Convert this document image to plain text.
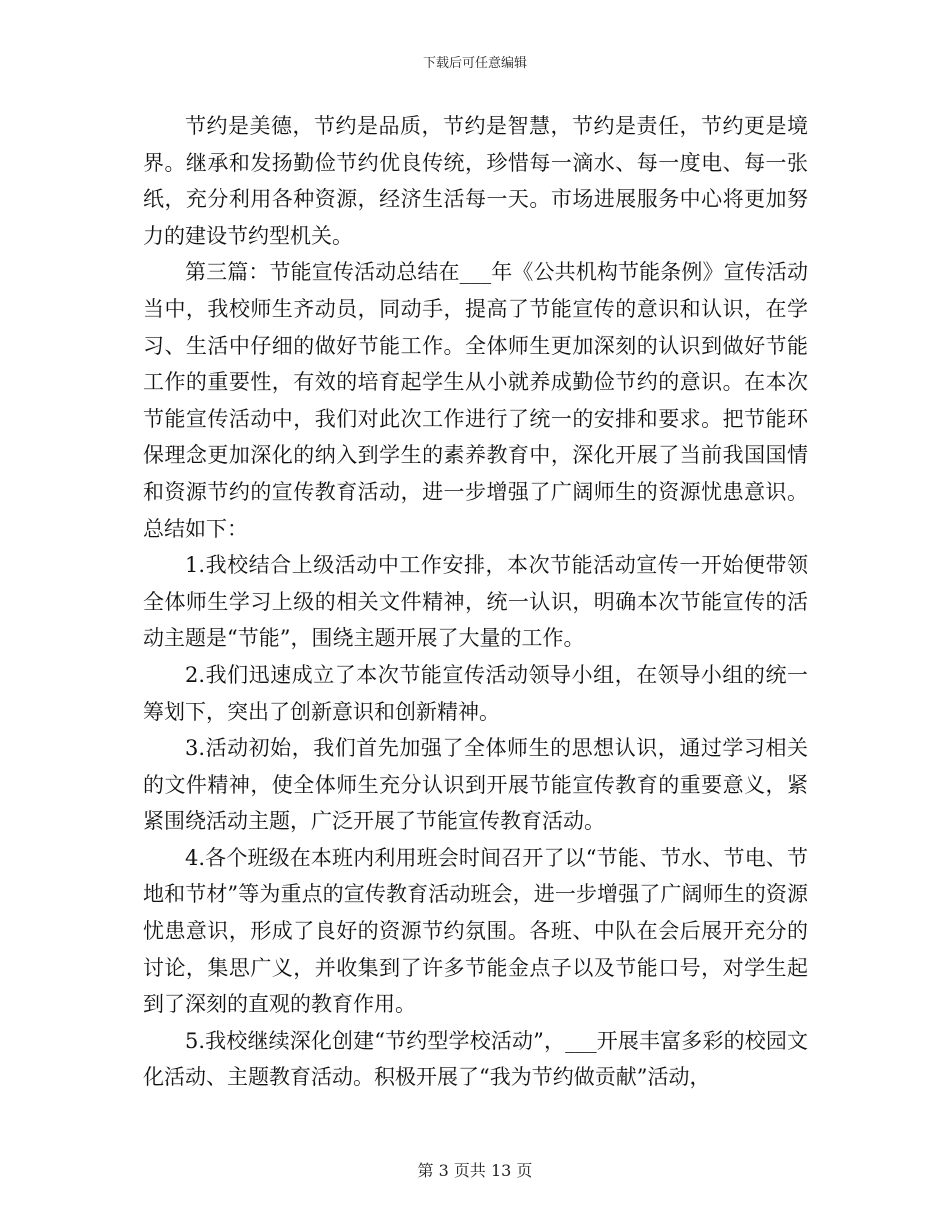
下载后可任意编辑

节约是美德，节约是品质，节约是智慧，节约是责任，节约更是境界。继承和发扬勤俭节约优良传统，珍惜每一滴水、每一度电、每一张纸，充分利用各种资源，经济生活每一天。市场进展服务中心将更加努力的建设节约型机关。

第三篇：节能宣传活动总结在___年《公共机构节能条例》宣传活动当中，我校师生齐动员，同动手，提高了节能宣传的意识和认识，在学习、生活中仔细的做好节能工作。全体师生更加深刻的认识到做好节能工作的重要性，有效的培育起学生从小就养成勤俭节约的意识。在本次节能宣传活动中，我们对此次工作进行了统一的安排和要求。把节能环保理念更加深化的纳入到学生的素养教育中，深化开展了当前我国国情和资源节约的宣传教育活动，进一步增强了广阔师生的资源忧患意识。总结如下：

1.我校结合上级活动中工作安排，本次节能活动宣传一开始便带领全体师生学习上级的相关文件精神，统一认识，明确本次节能宣传的活动主题是“节能”，围绕主题开展了大量的工作。

2.我们迅速成立了本次节能宣传活动领导小组，在领导小组的统一筹划下，突出了创新意识和创新精神。

3.活动初始，我们首先加强了全体师生的思想认识，通过学习相关的文件精神，使全体师生充分认识到开展节能宣传教育的重要意义，紧紧围绕活动主题，广泛开展了节能宣传教育活动。

4.各个班级在本班内利用班会时间召开了以“节能、节水、节电、节地和节材”等为重点的宣传教育活动班会，进一步增强了广阔师生的资源忧患意识，形成了良好的资源节约氛围。各班、中队在会后展开充分的讨论，集思广义，并收集到了许多节能金点子以及节能口号，对学生起到了深刻的直观的教育作用。

5.我校继续深化创建“节约型学校活动”，___开展丰富多彩的校园文化活动、主题教育活动。积极开展了“我为节约做贡献”活动，

第 3 页共 13 页
